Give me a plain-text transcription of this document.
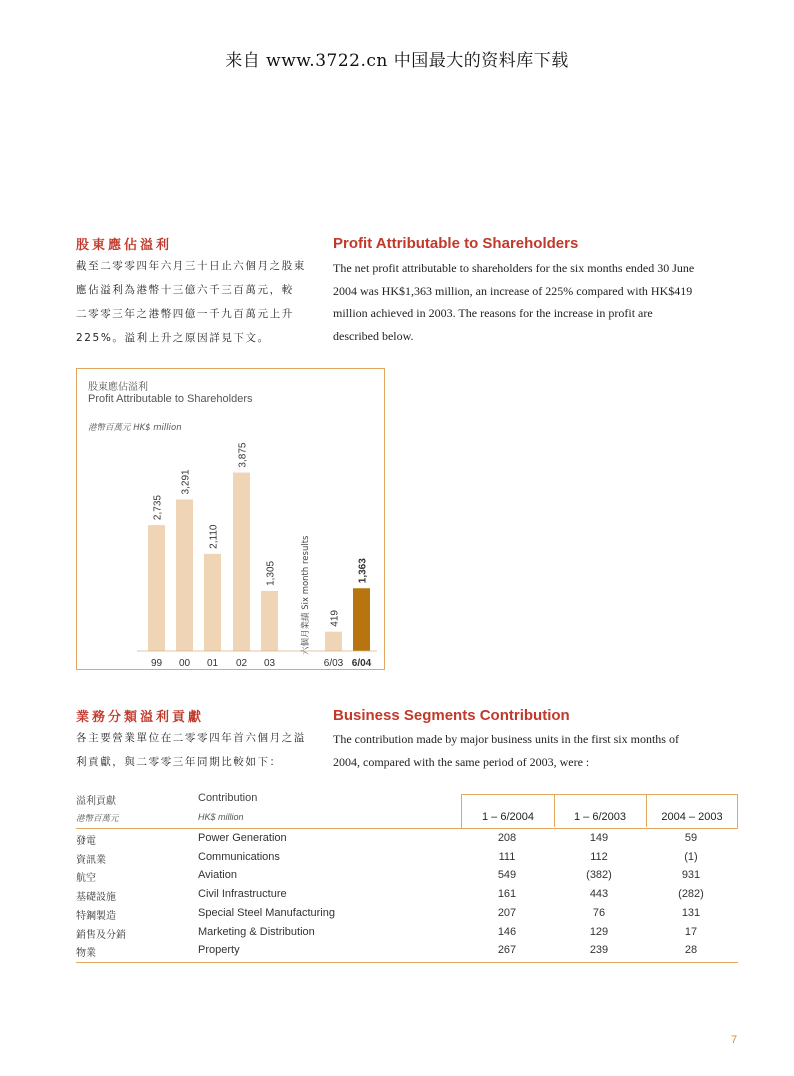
来自 www.3722.cn 中国最大的资料库下载
股東應佔溢利
截至二零零四年六月三十日止六個月之股東
應佔溢利為港幣十三億六千三百萬元，較
二零零三年之港幣四億一千九百萬元上升
225%。溢利上升之原因詳見下文。
Profit Attributable to Shareholders
The net profit attributable to shareholders for the six months ended 30 June
2004 was HK$1,363 million, an increase of 225% compared with HK$419
million achieved in 2003. The reasons for the increase in profit are
described below.
股東應佔溢利
Profit Attributable to Shareholders
港幣百萬元 HK$ million
2,735
99
3,291
00
2,110
01
3,875
02
1,305
03
419
6/03
1,363
6/04
六個月業績 Six month results
業務分類溢利貢獻
各主要營業單位在二零零四年首六個月之溢
利貢獻，與二零零三年同期比較如下：
Business Segments Contribution
The contribution made by major business units in the first six months of
2004, compared with the same period of 2003, were :
溢利貢獻	Contribution
港幣百萬元	HK$ million	1 – 6/2004	1 – 6/2003	2004 – 2003
發電	Power Generation	208	149	59
資訊業	Communications	111	112	(1)
航空	Aviation	549	(382)	931
基礎設施	Civil Infrastructure	161	443	(282)
特鋼製造	Special Steel Manufacturing	207	76	131
銷售及分銷	Marketing & Distribution	146	129	17
物業	Property	267	239	28
7
